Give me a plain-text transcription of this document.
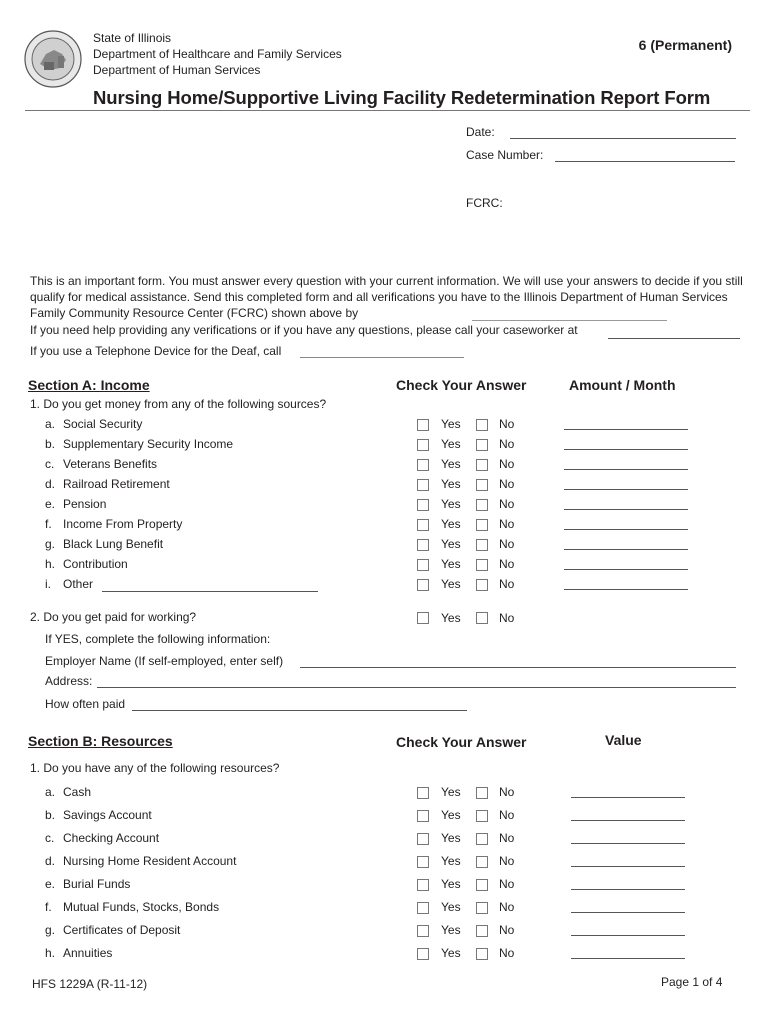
State of Illinois
Department of Healthcare and Family Services
Department of Human Services
6 (Permanent)
Nursing Home/Supportive Living Facility Redetermination Report Form
Date:
Case Number:
FCRC:
This is an important form. You must answer every question with your current information. We will use your answers to decide if you still qualify for medical assistance. Send this completed form and all verifications you have to the Illinois Department of Human Services Family Community Resource Center (FCRC) shown above by
If you need help providing any verifications or if you have any questions, please call your caseworker at
If you use a Telephone Device for the Deaf, call
Section A: Income	Check Your Answer	Amount / Month
1. Do you get money from any of the following sources?
a. Social Security	Yes	No
b. Supplementary Security Income	Yes	No
c. Veterans Benefits	Yes	No
d. Railroad Retirement	Yes	No
e. Pension	Yes	No
f. Income From Property	Yes	No
g. Black Lung Benefit	Yes	No
h. Contribution	Yes	No
i. Other	Yes	No
2. Do you get paid for working?	Yes	No
If YES, complete the following information:
Employer Name (If self-employed, enter self)
Address:
How often paid
Section B: Resources	Check Your Answer	Value
1. Do you have any of the following resources?
a. Cash	Yes	No
b. Savings Account	Yes	No
c. Checking Account	Yes	No
d. Nursing Home Resident Account	Yes	No
e. Burial Funds	Yes	No
f. Mutual Funds, Stocks, Bonds	Yes	No
g. Certificates of Deposit	Yes	No
h. Annuities	Yes	No
HFS 1229A (R-11-12)	Page 1 of 4
